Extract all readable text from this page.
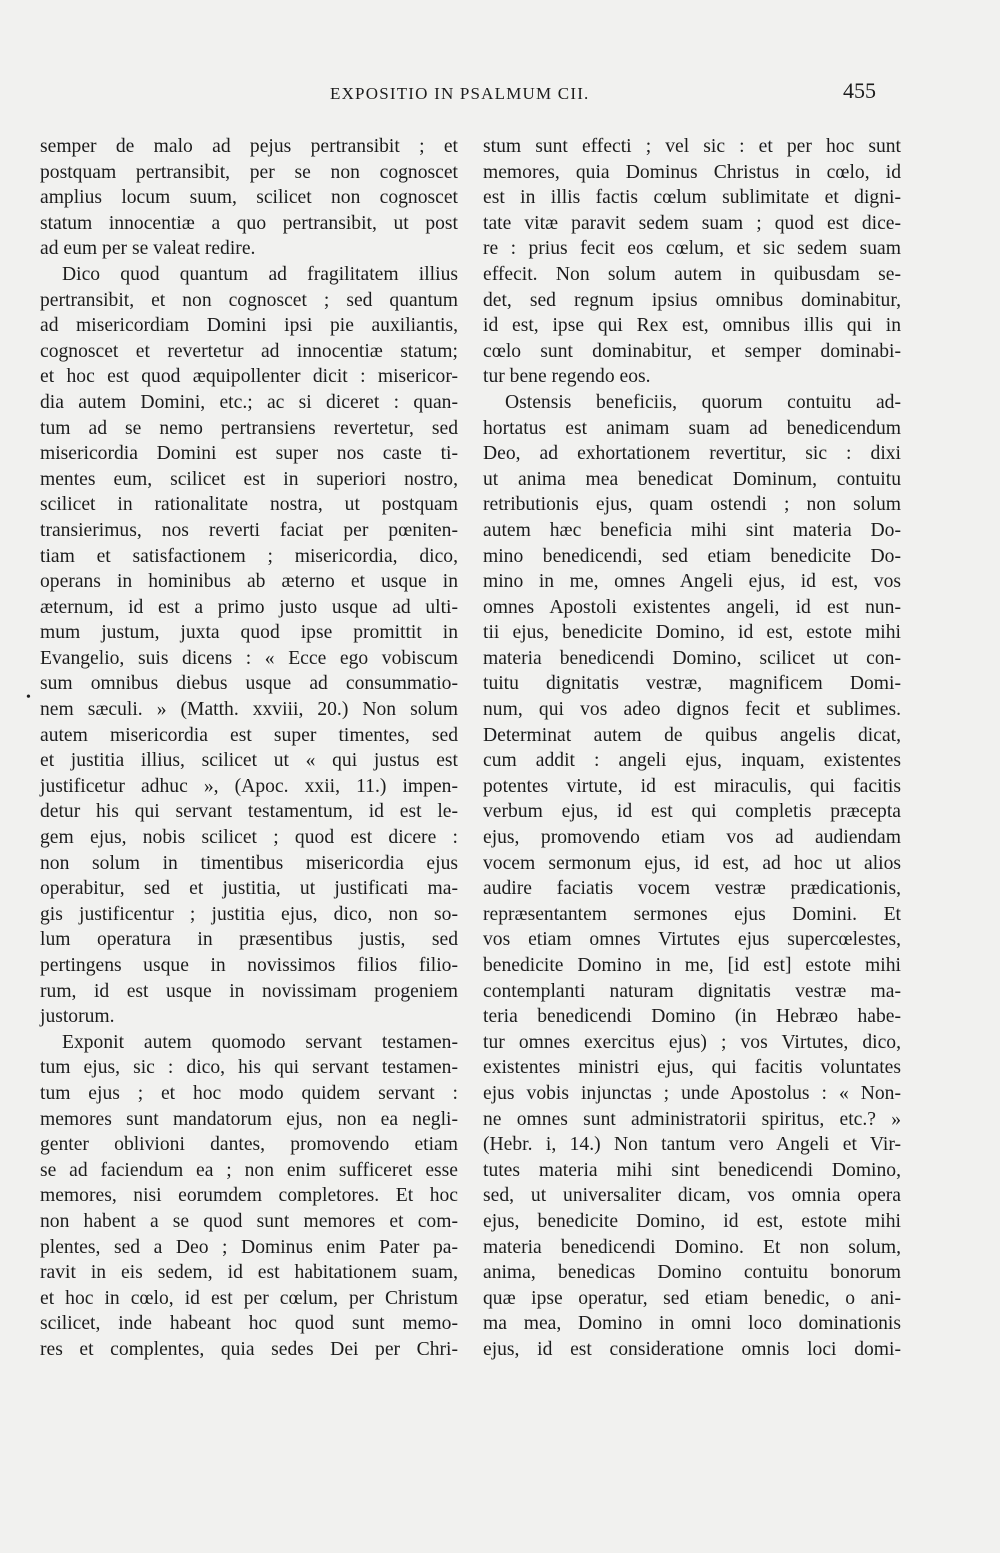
EXPOSITIO IN PSALMUM CII.	455
•
semper de malo ad pejus pertransibit ; et
postquam pertransibit, per se non cognoscet
amplius locum suum, scilicet non cognoscet
statum innocentiæ a quo pertransibit, ut post
ad eum per se valeat redire.
Dico quod quantum ad fragilitatem illius
pertransibit, et non cognoscet ; sed quantum
ad misericordiam Domini ipsi pie auxiliantis,
cognoscet et revertetur ad innocentiæ statum;
et hoc est quod æquipollenter dicit : misericor-
dia autem Domini, etc.; ac si diceret : quan-
tum ad se nemo pertransiens revertetur, sed
misericordia Domini est super nos caste ti-
mentes eum, scilicet est in superiori nostro,
scilicet in rationalitate nostra, ut postquam
transierimus, nos reverti faciat per pœniten-
tiam et satisfactionem ; misericordia, dico,
operans in hominibus ab æterno et usque in
æternum, id est a primo justo usque ad ulti-
mum justum, juxta quod ipse promittit in
Evangelio, suis dicens : « Ecce ego vobiscum
sum omnibus diebus usque ad consummatio-
nem sæculi. » (Matth. xxviii, 20.) Non solum
autem misericordia est super timentes, sed
et justitia illius, scilicet ut « qui justus est
justificetur adhuc », (Apoc. xxii, 11.) impen-
detur his qui servant testamentum, id est le-
gem ejus, nobis scilicet ; quod est dicere :
non solum in timentibus misericordia ejus
operabitur, sed et justitia, ut justificati ma-
gis justificentur ; justitia ejus, dico, non so-
lum operatura in præsentibus justis, sed
pertingens usque in novissimos filios filio-
rum, id est usque in novissimam progeniem
justorum.
Exponit autem quomodo servant testamen-
tum ejus, sic : dico, his qui servant testamen-
tum ejus ; et hoc modo quidem servant :
memores sunt mandatorum ejus, non ea negli-
genter oblivioni dantes, promovendo etiam
se ad faciendum ea ; non enim sufficeret esse
memores, nisi eorumdem completores. Et hoc
non habent a se quod sunt memores et com-
plentes, sed a Deo ; Dominus enim Pater pa-
ravit in eis sedem, id est habitationem suam,
et hoc in cœlo, id est per cœlum, per Christum
scilicet, inde habeant hoc quod sunt memo-
res et complentes, quia sedes Dei per Chri-
stum sunt effecti ; vel sic : et per hoc sunt
memores, quia Dominus Christus in cœlo, id
est in illis factis cœlum sublimitate et digni-
tate vitæ paravit sedem suam ; quod est dice-
re : prius fecit eos cœlum, et sic sedem suam
effecit. Non solum autem in quibusdam se-
det, sed regnum ipsius omnibus dominabitur,
id est, ipse qui Rex est, omnibus illis qui in
cœlo sunt dominabitur, et semper dominabi-
tur bene regendo eos.
Ostensis beneficiis, quorum contuitu ad-
hortatus est animam suam ad benedicendum
Deo, ad exhortationem revertitur, sic : dixi
ut anima mea benedicat Dominum, contuitu
retributionis ejus, quam ostendi ; non solum
autem hæc beneficia mihi sint materia Do-
mino benedicendi, sed etiam benedicite Do-
mino in me, omnes Angeli ejus, id est, vos
omnes Apostoli existentes angeli, id est nun-
tii ejus, benedicite Domino, id est, estote mihi
materia benedicendi Domino, scilicet ut con-
tuitu dignitatis vestræ, magnificem Domi-
num, qui vos adeo dignos fecit et sublimes.
Determinat autem de quibus angelis dicat,
cum addit : angeli ejus, inquam, existentes
potentes virtute, id est miraculis, qui facitis
verbum ejus, id est qui completis præcepta
ejus, promovendo etiam vos ad audiendam
vocem sermonum ejus, id est, ad hoc ut alios
audire faciatis vocem vestræ prædicationis,
repræsentantem sermones ejus Domini. Et
vos etiam omnes Virtutes ejus supercœlestes,
benedicite Domino in me, [id est] estote mihi
contemplanti naturam dignitatis vestræ ma-
teria benedicendi Domino (in Hebræo habe-
tur omnes exercitus ejus) ; vos Virtutes, dico,
existentes ministri ejus, qui facitis voluntates
ejus vobis injunctas ; unde Apostolus : « Non-
ne omnes sunt administratorii spiritus, etc.? »
(Hebr. i, 14.) Non tantum vero Angeli et Vir-
tutes materia mihi sint benedicendi Domino,
sed, ut universaliter dicam, vos omnia opera
ejus, benedicite Domino, id est, estote mihi
materia benedicendi Domino. Et non solum,
anima, benedicas Domino contuitu bonorum
quæ ipse operatur, sed etiam benedic, o ani-
ma mea, Domino in omni loco dominationis
ejus, id est consideratione omnis loci domi-
